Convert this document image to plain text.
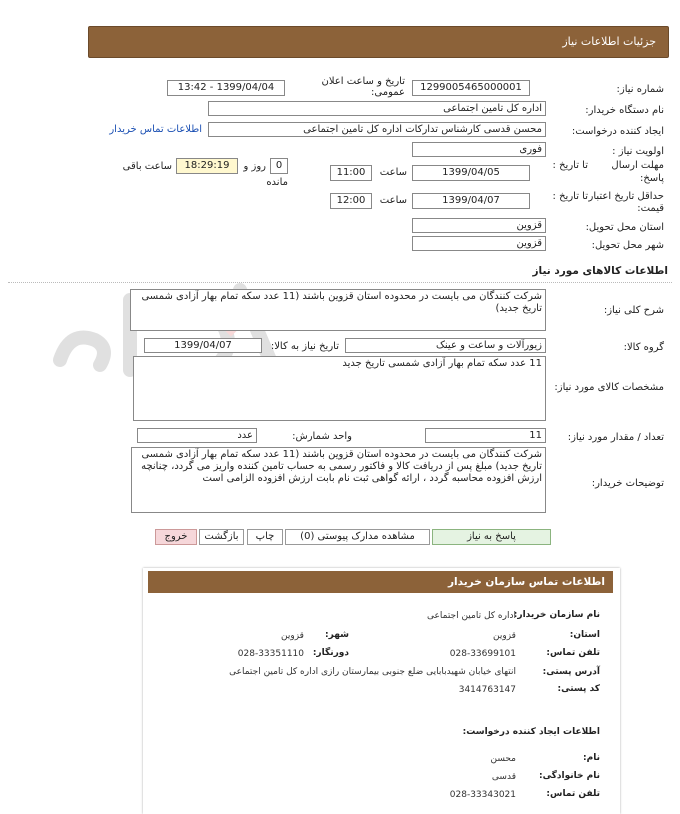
جزئیات اطلاعات نیاز
شماره نیاز:
1299005465000001
تاریخ و ساعت اعلان عمومی:
1399/04/04 - 13:42
نام دستگاه خریدار:
اداره کل تامین اجتماعی
ایجاد کننده درخواست:
محسن قدسی کارشناس تدارکات اداره کل تامین اجتماعی
اطلاعات تماس خریدار
اولویت نیاز :
فوری
مهلت ارسال
پاسخ:
تا تاریخ :
1399/04/05
ساعت
11:00
0
روز و
مانده
18:29:19
ساعت باقی
حداقل تاریخ اعتبار
قیمت:
تا تاریخ :
1399/04/07
ساعت
12:00
استان محل تحویل:
قزوین
شهر محل تحویل:
قزوین
اطلاعات کالاهای مورد نیاز
شرح کلی نیاز:
شرکت کنندگان می بایست در محدوده استان قزوین باشند (11 عدد سکه تمام بهار آزادی شمسی تاریخ جدید)
گروه کالا:
زیورآلات و ساعت و عینک
تاریخ نیاز به کالا:
1399/04/07
مشخصات کالای مورد نیاز:
11 عدد سکه تمام بهار آزادی شمسی تاریخ جدید
تعداد / مقدار مورد نیاز:
11
واحد شمارش:
عدد
توضیحات خریدار:
شرکت کنندگان می بایست در محدوده استان قزوین باشند (11 عدد سکه تمام بهار آزادی شمسی تاریخ جدید) مبلغ پس از دریافت کالا و فاکتور رسمی به حساب تامین کننده واریز می گردد، چنانچه ارزش افزوده محاسبه گردد ، ارائه گواهی ثبت نام بابت ارزش افزوده الزامی است
پاسخ به نیاز
مشاهده مدارک پیوستی (0)
چاپ
بازگشت
خروج
اطلاعات تماس سازمان خریدار
نام سازمان خریدار:
اداره کل تامین اجتماعی
استان:
قزوین
شهر:
قزوین
تلفن تماس:
028-33699101
دورنگار:
028-33351110
آدرس پستی:
انتهای خیابان شهیدبابایی ضلع جنوبی بیمارستان رازی اداره کل تامین اجتماعی
کد پستی:
3414763147
اطلاعات ایجاد کننده درخواست:
نام:
محسن
نام خانوادگی:
قدسی
تلفن تماس:
028-33343021
